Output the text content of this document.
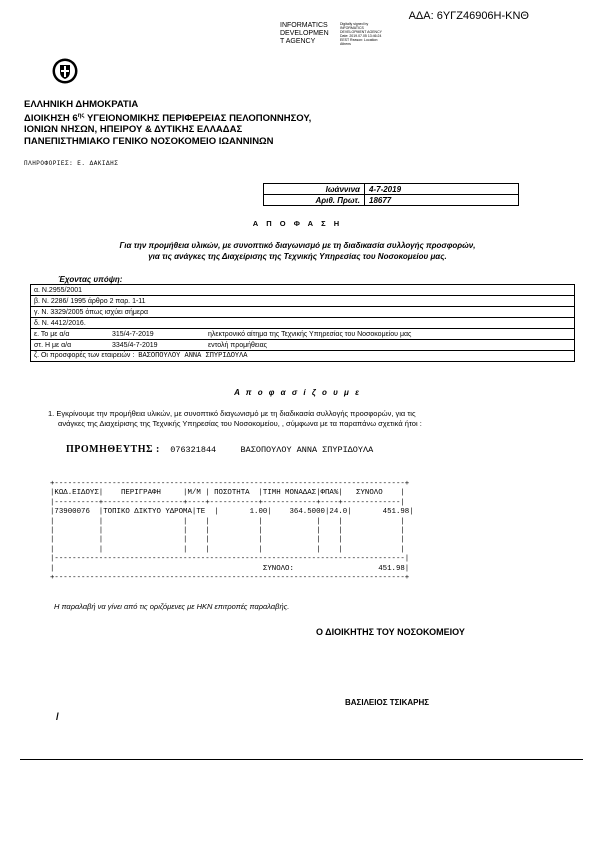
ΑΔΑ: 6ΥΓΖ46906Η-ΚΝΘ
INFORMATICS
DEVELOPMEN
T AGENCY
Digitally signed by INFORMATICS DEVELOPMENT AGENCY Date: 2019.07.05 13:46:24 EEST Reason: Location: Athens
ΕΛΛΗΝΙΚΗ ΔΗΜΟΚΡΑΤΙΑ
ΔΙΟΙΚΗΣΗ $6^{\eta\varsigma}$ ΥΓΕΙΟΝΟΜΙΚΗΣ ΠΕΡΙΦΕΡΕΙΑΣ ΠΕΛΟΠΟΝΝΗΣΟΥ,
ΙΟΝΙΩΝ ΝΗΣΩΝ, ΗΠΕΙΡΟΥ & ΔΥΤΙΚΗΣ ΕΛΛΑΔΑΣ
ΠΑΝΕΠΙΣΤΗΜΙΑΚΟ ΓΕΝΙΚΟ ΝΟΣΟΚΟΜΕΙΟ ΙΩΑΝΝΙΝΩΝ
ΠΛΗΡΟΦΟΡΙΕΣ: Ε. ΔΑΚΙΔΗΣ
Ιωάννινα	4-7-2019
Αριθ. Πρωτ.	18677
Α Π Ο Φ Α Σ Η
Για την προμήθεια υλικών, με συνοπτικό διαγωνισμό με τη διαδικασία συλλογής προσφορών,
για τις ανάγκες της Διαχείρισης της Τεχνικής Υπηρεσίας του Νοσοκομείου μας.
Έχοντας υπόψη:
α. Ν.2955/2001
β. Ν. 2286/ 1995 άρθρο 2 παρ. 1-11
γ. Ν. 3329/2005 όπως ισχύει σήμερα
δ. Ν. 4412/2016.
ε. Το με α/α	315/4-7-2019	ηλεκτρονικό αίτημα της Τεχνικής Υπηρεσίας του Νοσοκομείου μας
στ. Η με α/α	3345/4-7-2019	εντολή προμήθειας
ζ. Οι προσφορές των εταιρειών : ΒΑΣΟΠΟΥΛΟΥ ΑΝΝΑ ΣΠΥΡΙΔΟΥΛΑ
Α π ο φ α σ ί ζ ο υ μ ε
1. Εγκρίνουμε την προμήθεια υλικών, με συνοπτικό διαγωνισμό με τη διαδικασία συλλογής προσφορών, για τις
ανάγκες της Διαχείρισης της Τεχνικής Υπηρεσίας του Νοσοκομείου, , σύμφωνα με τα παραπάνω σχετικά ήτοι :
ΠΡΟΜΗΘΕΥΤΗΣ : 076321844	ΒΑΣΟΠΟΥΛΟΥ ΑΝΝΑ ΣΠΥΡΙΔΟΥΛΑ
+-------------------------------------------------------------------------------+
|ΚΩΔ.ΕΙΔΟΥΣ|    ΠΕΡΙΓΡΑΦΗ     |Μ/Μ | ΠΟΣΟΤΗΤΑ  |ΤΙΜΗ ΜΟΝΑΔΑΣ|ΦΠΑ%|   ΣΥΝΟΛΟ    |
|----------+------------------+----+-----------+------------+----+-------------|
|73900076  |ΤΟΠΙΚΟ ΔΙΚΤΥΟ ΥΔΡΟΜΑ|ΤΕ  |       1.00|    364.5000|24.0|       451.98|
|          |                  |    |           |            |    |             |
|          |                  |    |           |            |    |             |
|          |                  |    |           |            |    |             |
|          |                  |    |           |            |    |             |
|-------------------------------------------------------------------------------|
|                                               ΣΥΝΟΛΟ:                   451.98|
+-------------------------------------------------------------------------------+
Η παραλαβή να γίνει από τις οριζόμενες με ΗΚΝ επιτροπές παραλαβής.
Ο ΔΙΟΙΚΗΤΗΣ ΤΟΥ ΝΟΣΟΚΟΜΕΙΟΥ
ΒΑΣΙΛΕΙΟΣ ΤΣΙΚΑΡΗΣ
/
